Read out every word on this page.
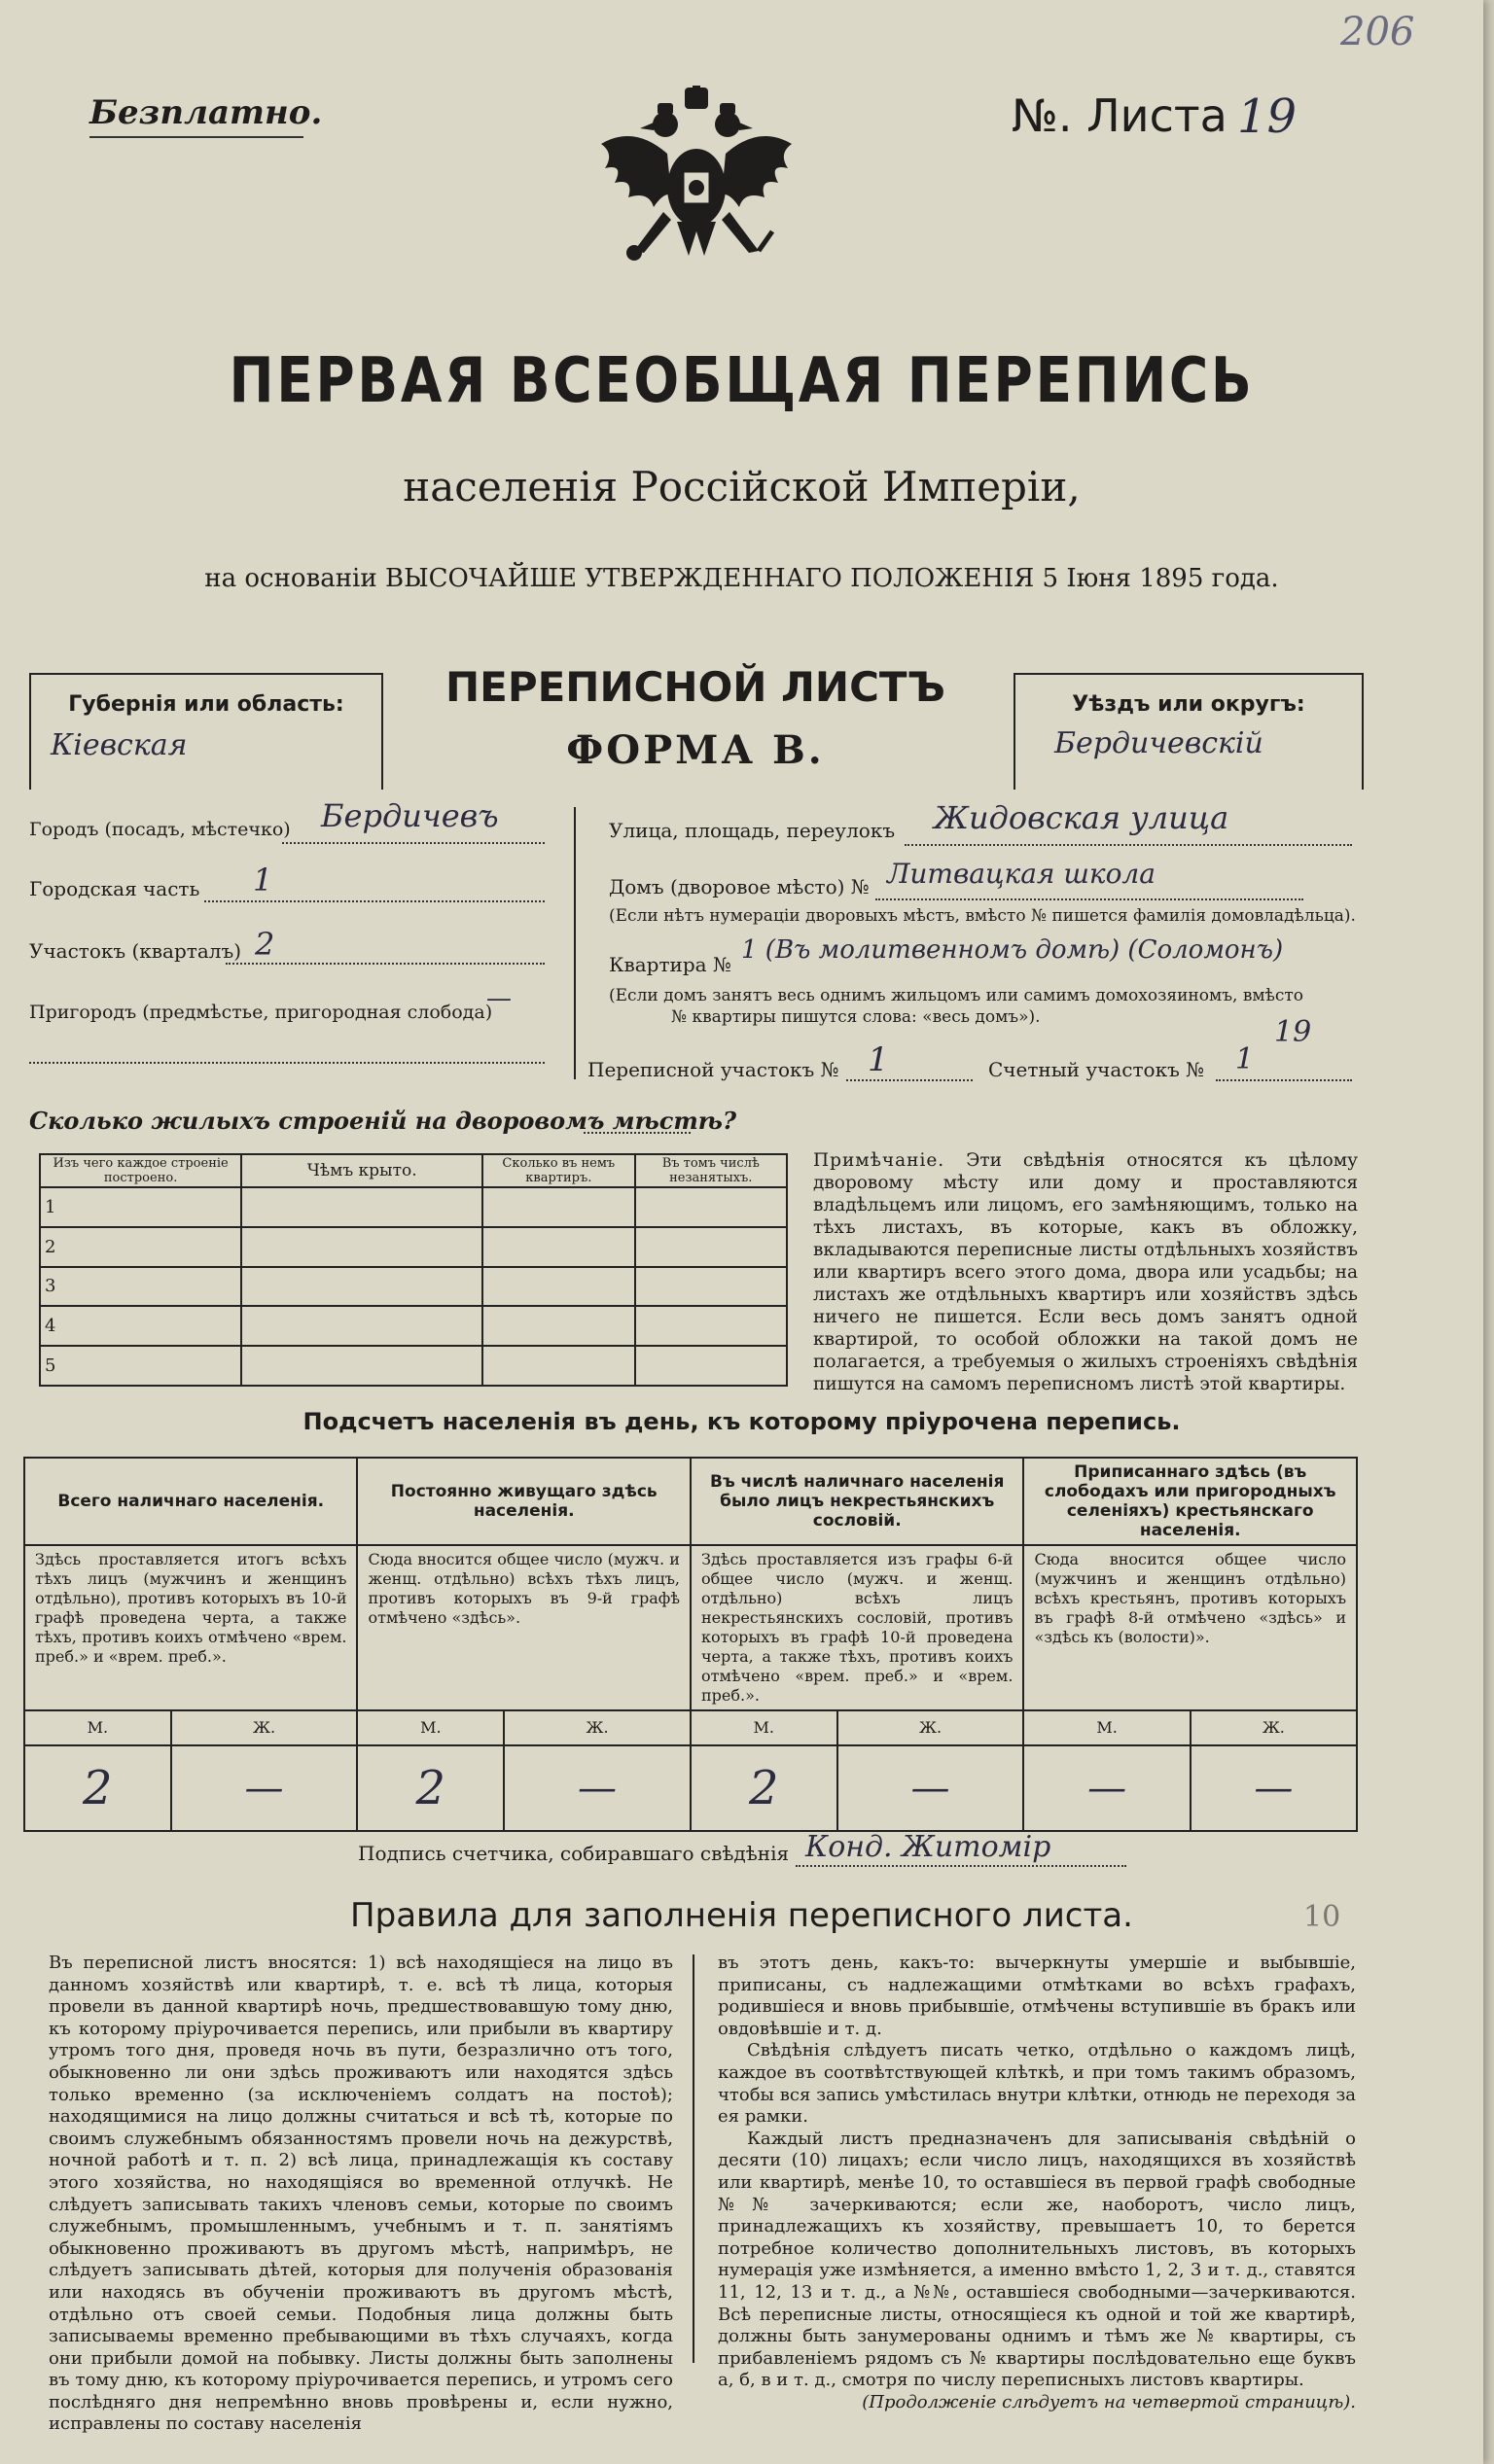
206
Безплатно.	№. Листа 19
ПЕРВАЯ ВСЕОБЩАЯ ПЕРЕПИСЬ
населенія Россійской Имперіи,
на основаніи ВЫСОЧАЙШЕ УТВЕРЖДЕННАГО ПОЛОЖЕНІЯ 5 Іюня 1895 года.
Губернія или область:
Кіевская
ПЕРЕПИСНОЙ ЛИСТЪ
ФОРМА В.
Уѣздъ или округъ:
Бердичевскій
Городъ (посадъ, мѣстечко) Бердичевъ
Городская часть 1
Участокъ (кварталъ) 2
Пригородъ (предмѣстье, пригородная слобода)
—
Улица, площадь, переулокъ Жидовская улица
Домъ (дворовое мѣсто) № Литвацкая школа
(Если нѣтъ нумераціи дворовыхъ мѣстъ, вмѣсто № пишется фамилія домовладѣльца).
Квартира № 1 (Въ молитвенномъ домѣ) (Соломонъ)
(Если домъ занятъ весь однимъ жильцомъ или самимъ домохозяиномъ, вмѣсто
№ квартиры пишутся слова: «весь домъ»).	19
Переписной участокъ № 1	Счетный участокъ № 1
Сколько жилыхъ строеній на дворовомъ мѣстѣ?
Изъ чего каждое строеніе построено.	Чѣмъ крыто.	Сколько въ немъ квартиръ.	Въ томъ числѣ незанятыхъ.
1			
2			
3			
4			
5			
Примѣчаніе. Эти свѣдѣнія относятся къ цѣлому дворовому мѣсту или дому и проставляются владѣльцемъ или лицомъ, его замѣняющимъ, только на тѣхъ листахъ, въ которые, какъ въ обложку, вкладываются переписные листы отдѣльныхъ хозяйствъ или квартиръ всего этого дома, двора или усадьбы; на листахъ же отдѣльныхъ квартиръ или хозяйствъ здѣсь ничего не пишется. Если весь домъ занятъ одной квартирой, то особой обложки на такой домъ не полагается, а требуемыя о жилыхъ строеніяхъ свѣдѣнія пишутся на самомъ переписномъ листѣ этой квартиры.
Подсчетъ населенія въ день, къ которому пріурочена перепись.
Всего наличнаго населенія.		Постоянно живущаго здѣсь населенія.		Въ числѣ наличнаго населенія было лицъ некрестьянскихъ сословій.		Приписаннаго здѣсь (въ слободахъ или пригородныхъ селеніяхъ) крестьянскаго населенія.	
Здѣсь проставляется итогъ всѣхъ тѣхъ лицъ (мужчинъ и женщинъ отдѣльно), противъ которыхъ въ 10-й графѣ проведена черта, а также тѣхъ, противъ коихъ отмѣчено «врем. преб.» и «врем. преб.».		Сюда вносится общее число (мужч. и женщ. отдѣльно) всѣхъ тѣхъ лицъ, противъ которыхъ въ 9-й графѣ отмѣчено «здѣсь».		Здѣсь проставляется изъ графы 6-й общее число (мужч. и женщ. отдѣльно) всѣхъ лицъ некрестьянскихъ сословій, противъ которыхъ въ графѣ 10-й проведена черта, а также тѣхъ, противъ коихъ отмѣчено «врем. преб.» и «врем. преб.».		Сюда вносится общее число (мужчинъ и женщинъ отдѣльно) всѣхъ крестьянъ, противъ которыхъ въ графѣ 8-й отмѣчено «здѣсь» и «здѣсь къ (волости)».	
М.	Ж.	М.	Ж.	М.	Ж.	М.	Ж.
2	—	2	—	2	—	—	—
Подпись счетчика, собиравшаго свѣдѣнія Конд. Житомiр
Правила для заполненія переписного листа.	10
Въ переписной листъ вносятся: 1) всѣ находящіеся на лицо въ данномъ хозяйствѣ или квартирѣ, т. е. всѣ тѣ лица, которыя провели въ данной квартирѣ ночь, предшествовавшую тому дню, къ которому пріурочивается перепись, или прибыли въ квартиру утромъ того дня, проведя ночь въ пути, безразлично отъ того, обыкновенно ли они здѣсь проживаютъ или находятся здѣсь только временно (за исключеніемъ солдатъ на постоѣ); находящимися на лицо должны считаться и всѣ тѣ, которые по своимъ служебнымъ обязанностямъ провели ночь на дежурствѣ, ночной работѣ и т. п. 2) всѣ лица, принадлежащія къ составу этого хозяйства, но находящіяся во временной отлучкѣ. Не слѣдуетъ записывать такихъ членовъ семьи, которые по своимъ служебнымъ, промышленнымъ, учебнымъ и т. п. занятіямъ обыкновенно проживаютъ въ другомъ мѣстѣ, напримѣръ, не слѣдуетъ записывать дѣтей, которыя для полученія образованія или находясь въ обученіи проживаютъ въ другомъ мѣстѣ, отдѣльно отъ своей семьи. Подобныя лица должны быть записываемы временно пребывающими въ тѣхъ случаяхъ, когда они прибыли домой на побывку. Листы должны быть заполнены въ тому дню, къ которому пріурочивается перепись, и утромъ сего послѣдняго дня непремѣнно вновь провѣрены и, если нужно, исправлены по составу населенія
въ этотъ день, какъ-то: вычеркнуты умершіе и выбывшіе, приписаны, съ надлежащими отмѣтками во всѣхъ графахъ, родившіеся и вновь прибывшіе, отмѣчены вступившіе въ бракъ или овдовѣвшіе и т. д.
Свѣдѣнія слѣдуетъ писать четко, отдѣльно о каждомъ лицѣ, каждое въ соотвѣтствующей клѣткѣ, и при томъ такимъ образомъ, чтобы вся запись умѣстилась внутри клѣтки, отнюдь не переходя за ея рамки.
Каждый листъ предназначенъ для записыванія свѣдѣній о десяти (10) лицахъ; если число лицъ, находящихся въ хозяйствѣ или квартирѣ, менѣе 10, то оставшіеся въ первой графѣ свободные №№ зачеркиваются; если же, наоборотъ, число лицъ, принадлежащихъ къ хозяйству, превышаетъ 10, то берется потребное количество дополнительныхъ листовъ, въ которыхъ нумерація уже измѣняется, а именно вмѣсто 1, 2, 3 и т. д., ставятся 11, 12, 13 и т. д., а №№, оставшіеся свободными—зачеркиваются. Всѣ переписные листы, относящіеся къ одной и той же квартирѣ, должны быть занумерованы однимъ и тѣмъ же № квартиры, съ прибавленіемъ рядомъ съ № квартиры послѣдовательно еще буквъ а, б, в и т. д., смотря по числу переписныхъ листовъ квартиры.
(Продолженіе слѣдуетъ на четвертой страницѣ).
